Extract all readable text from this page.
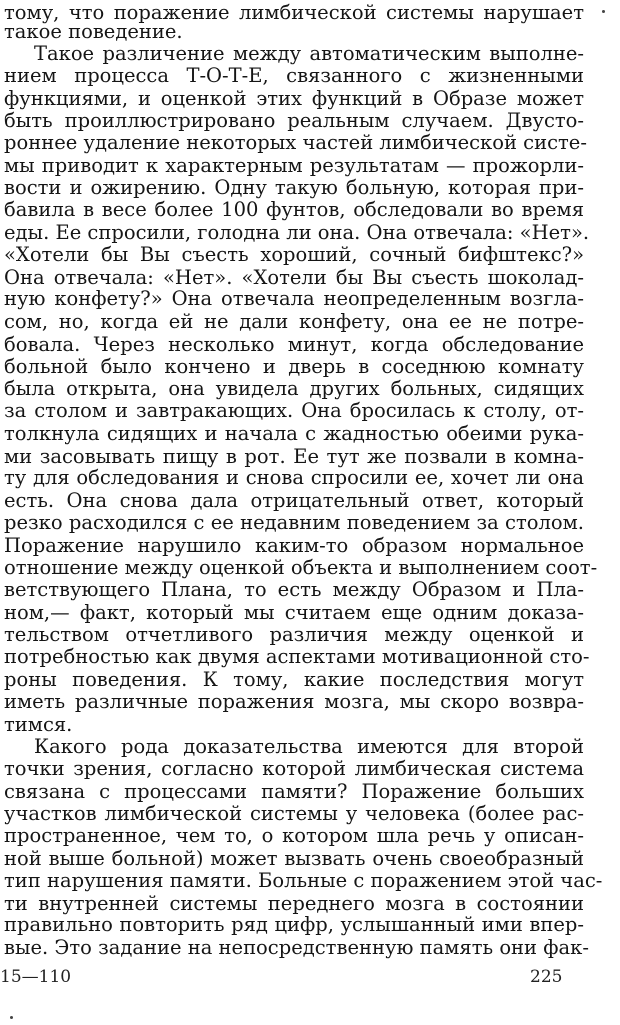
тому, что поражение лимбической системы нарушает
такое поведение.
Такое различение между автоматическим выполне-
нием процесса Т-О-Т-Е, связанного с жизненными
функциями, и оценкой этих функций в Образе может
быть проиллюстрировано реальным случаем. Двусто-
роннее удаление некоторых частей лимбической систе-
мы приводит к характерным результатам — прожорли-
вости и ожирению. Одну такую больную, которая при-
бавила в весе более 100 фунтов, обследовали во время
еды. Ее спросили, голодна ли она. Она отвечала: «Нет».
«Хотели бы Вы съесть хороший, сочный бифштекс?»
Она отвечала: «Нет». «Хотели бы Вы съесть шоколад-
ную конфету?» Она отвечала неопределенным возгла-
сом, но, когда ей не дали конфету, она ее не потре-
бовала. Через несколько минут, когда обследование
больной было кончено и дверь в соседнюю комнату
была открыта, она увидела других больных, сидящих
за столом и завтракающих. Она бросилась к столу, от-
толкнула сидящих и начала с жадностью обеими рука-
ми засовывать пищу в рот. Ее тут же позвали в комна-
ту для обследования и снова спросили ее, хочет ли она
есть. Она снова дала отрицательный ответ, который
резко расходился с ее недавним поведением за столом.
Поражение нарушило каким-то образом нормальное
отношение между оценкой объекта и выполнением соот-
ветствующего Плана, то есть между Образом и Пла-
ном,— факт, который мы считаем еще одним доказа-
тельством отчетливого различия между оценкой и
потребностью как двумя аспектами мотивационной сто-
роны поведения. К тому, какие последствия могут
иметь различные поражения мозга, мы скоро возвра-
тимся.
Какого рода доказательства имеются для второй
точки зрения, согласно которой лимбическая система
связана с процессами памяти? Поражение больших
участков лимбической системы у человека (более рас-
пространенное, чем то, о котором шла речь у описан-
ной выше больной) может вызвать очень своеобразный
тип нарушения памяти. Больные с поражением этой час-
ти внутренней системы переднего мозга в состоянии
правильно повторить ряд цифр, услышанный ими впер-
вые. Это задание на непосредственную память они фак-
15—110	225
